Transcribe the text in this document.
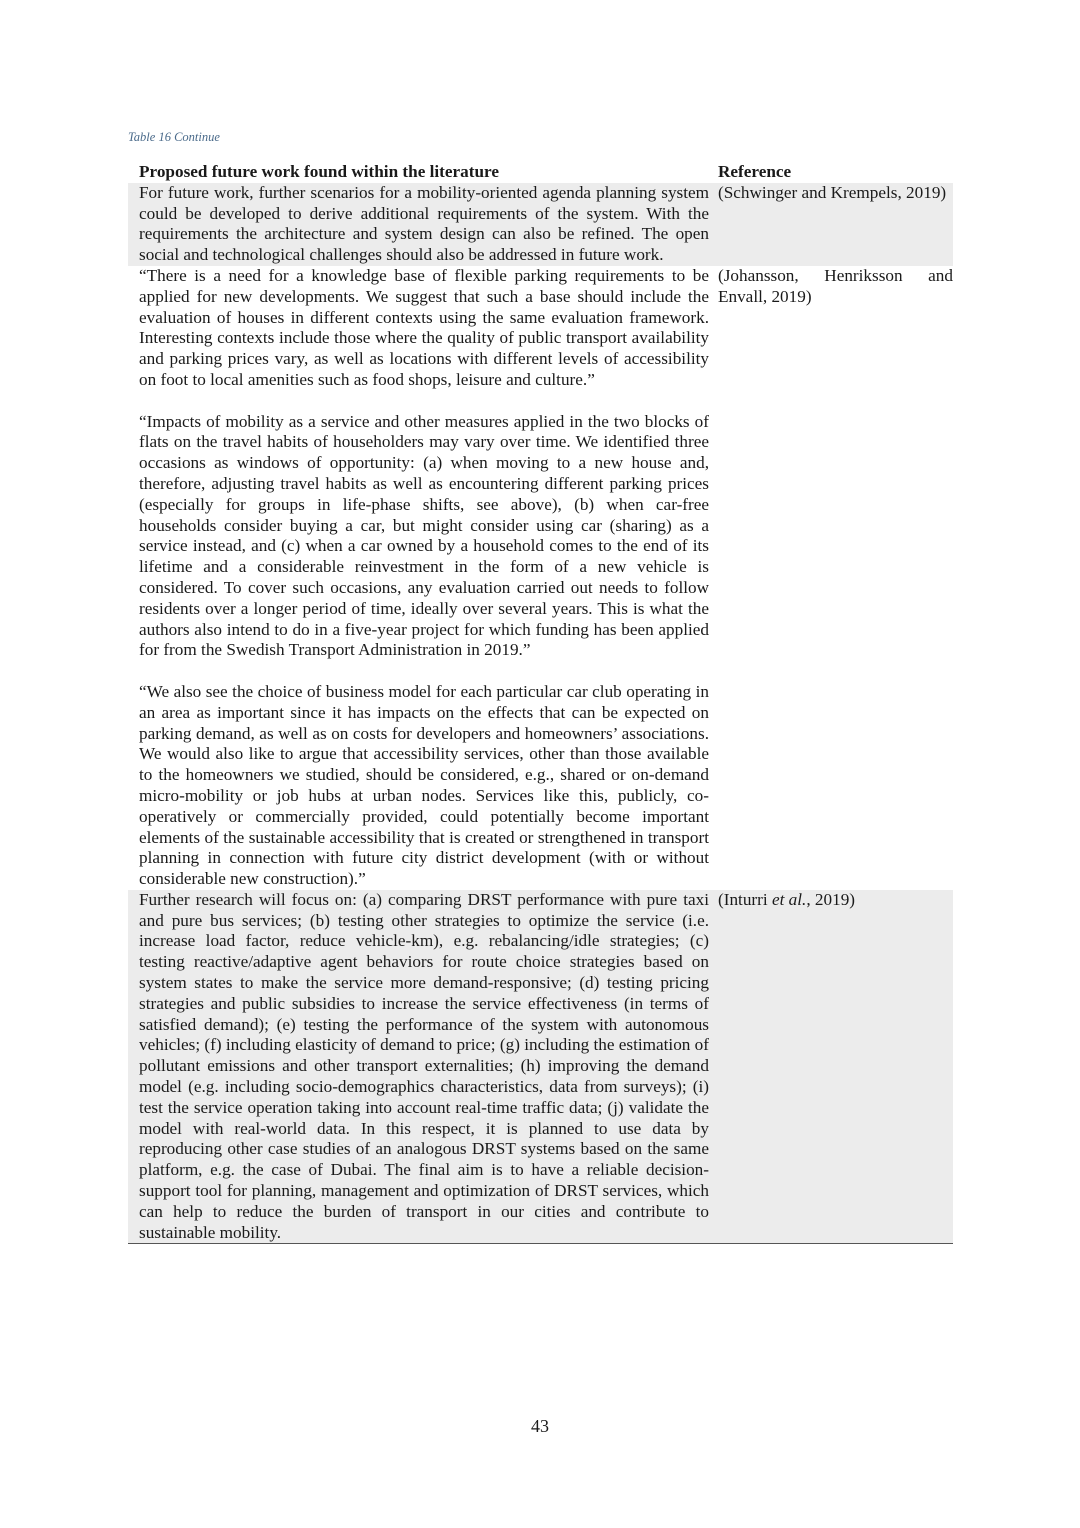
Table 16 Continue
Proposed future work found within the literature	Reference

For future work, further scenarios for a mobility-oriented agenda planning system could be developed to derive additional requirements of the system. With the requirements the architecture and system design can also be refined. The open social and technological challenges should also be addressed in future work.

(Schwinger and Krempels, 2019)

“There is a need for a knowledge base of flexible parking requirements to be applied for new developments. We suggest that such a base should include the evaluation of houses in different contexts using the same evaluation framework. Interesting contexts include those where the quality of public transport availability and parking prices vary, as well as locations with different levels of accessibility on foot to local amenities such as food shops, leisure and culture.”

“Impacts of mobility as a service and other measures applied in the two blocks of flats on the travel habits of householders may vary over time. We identified three occasions as windows of opportunity: (a) when moving to a new house and, therefore, adjusting travel habits as well as encountering different parking prices (especially for groups in life-phase shifts, see above), (b) when car-free households consider buying a car, but might consider using car (sharing) as a service instead, and (c) when a car owned by a household comes to the end of its lifetime and a considerable reinvestment in the form of a new vehicle is considered. To cover such occasions, any evaluation carried out needs to follow residents over a longer period of time, ideally over several years. This is what the authors also intend to do in a five-year project for which funding has been applied for from the Swedish Transport Administration in 2019.”

“We also see the choice of business model for each particular car club operating in an area as important since it has impacts on the effects that can be expected on parking demand, as well as on costs for developers and homeowners’ associations. We would also like to argue that accessibility services, other than those available to the homeowners we studied, should be considered, e.g., shared or on-demand micro-mobility or job hubs at urban nodes. Services like this, publicly, co-operatively or commercially provided, could potentially become important elements of the sustainable accessibility that is created or strengthened in transport planning in connection with future city district development (with or without considerable new construction).”

(Johansson, Henriksson and Envall, 2019)

Further research will focus on: (a) comparing DRST performance with pure taxi and pure bus services; (b) testing other strategies to optimize the service (i.e. increase load factor, reduce vehicle-km), e.g. rebalancing/idle strategies; (c) testing reactive/adaptive agent behaviors for route choice strategies based on system states to make the service more demand-responsive; (d) testing pricing strategies and public subsidies to increase the service effectiveness (in terms of satisfied demand); (e) testing the performance of the system with autonomous vehicles; (f) including elasticity of demand to price; (g) including the estimation of pollutant emissions and other transport externalities; (h) improving the demand model (e.g. including socio-demographics characteristics, data from surveys); (i) test the service operation taking into account real-time traffic data; (j) validate the model with real-world data. In this respect, it is planned to use data by reproducing other case studies of an analogous DRST systems based on the same platform, e.g. the case of Dubai. The final aim is to have a reliable decision-support tool for planning, management and optimization of DRST services, which can help to reduce the burden of transport in our cities and contribute to sustainable mobility.

(Inturri et al., 2019)
43
